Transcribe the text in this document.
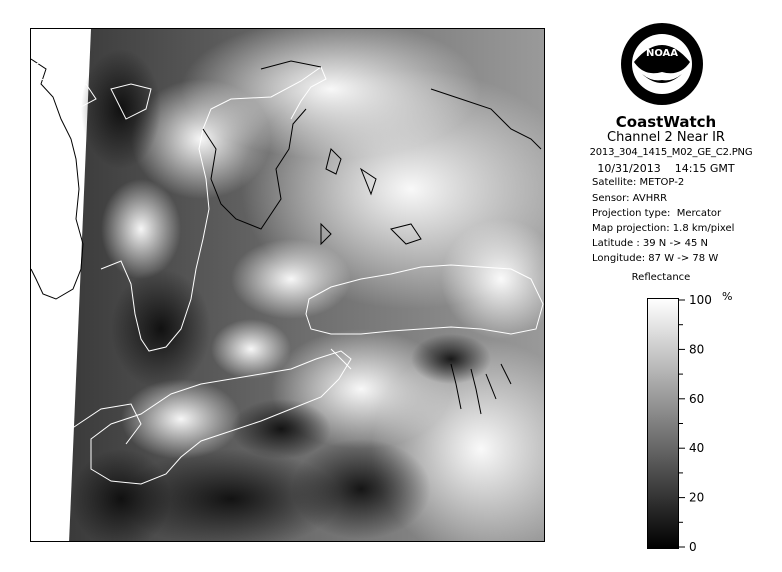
NOAA
CoastWatch
Channel 2 Near IR
2013_304_1415_M02_GE_C2.PNG
10/31/2013    14:15 GMT
Satellite: METOP-2
Sensor: AVHRR
Projection type:  Mercator
Map projection: 1.8 km/pixel
Latitude : 39 N -> 45 N
Longitude: 87 W -> 78 W
Reflectance
%
0
20
40
60
80
100
